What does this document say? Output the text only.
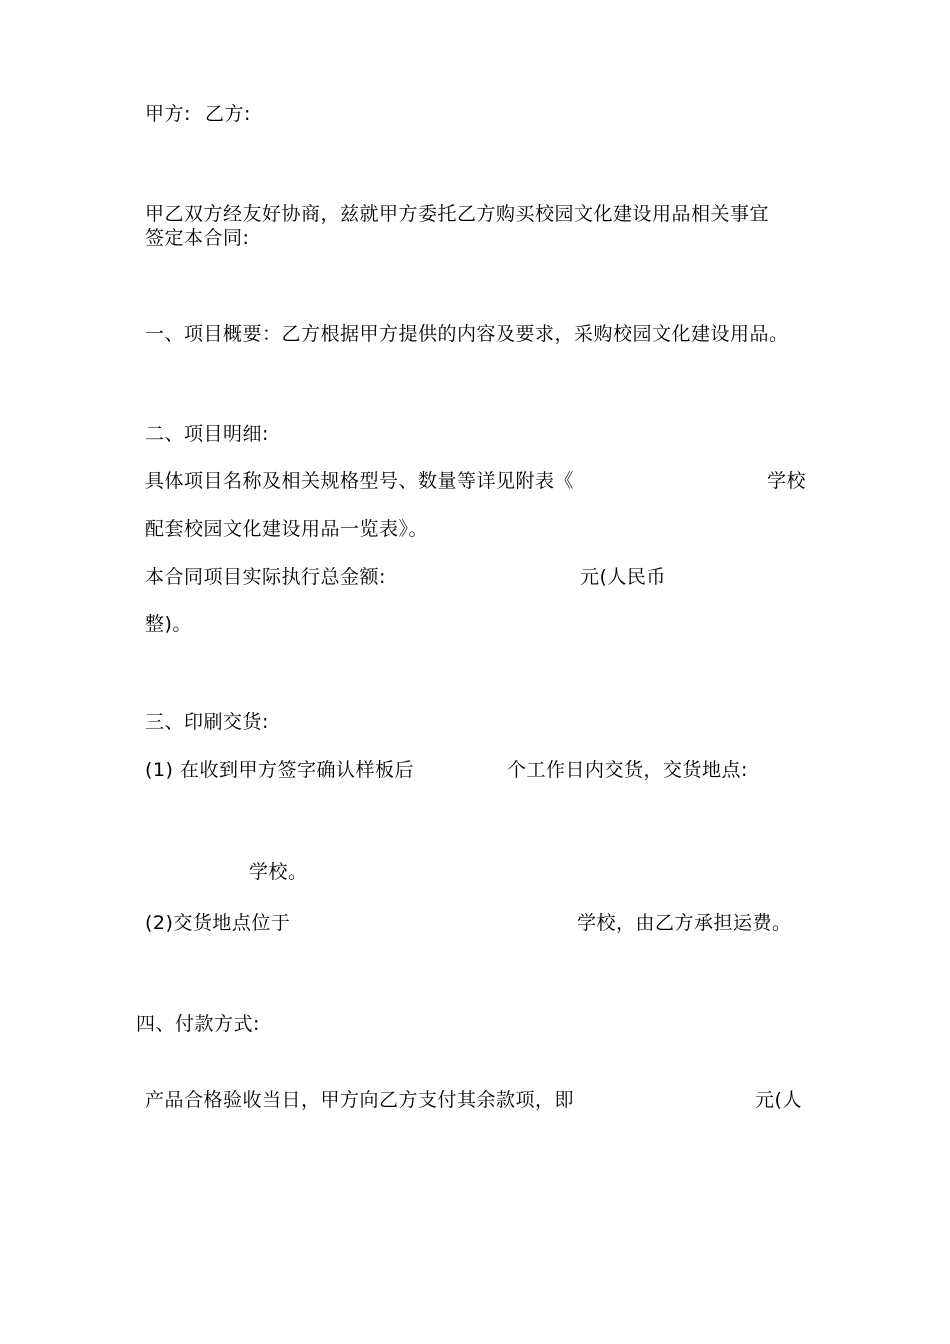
甲方: 乙方:
甲乙双方经友好协商，兹就甲方委托乙方购买校园文化建设用品相关事宜
签定本合同:
一、项目概要：乙方根据甲方提供的内容及要求，采购校园文化建设用品。
二、项目明细:
具体项目名称及相关规格型号、数量等详见附表《	学校
配套校园文化建设用品一览表》。
本合同项目实际执行总金额:	元(人民币
整)。
三、印刷交货:
(1) 在收到甲方签字确认样板后	个工作日内交货，交货地点:
学校。
(2)交货地点位于	学校，由乙方承担运费。
四、付款方式:
产品合格验收当日，甲方向乙方支付其余款项，即	元(人
